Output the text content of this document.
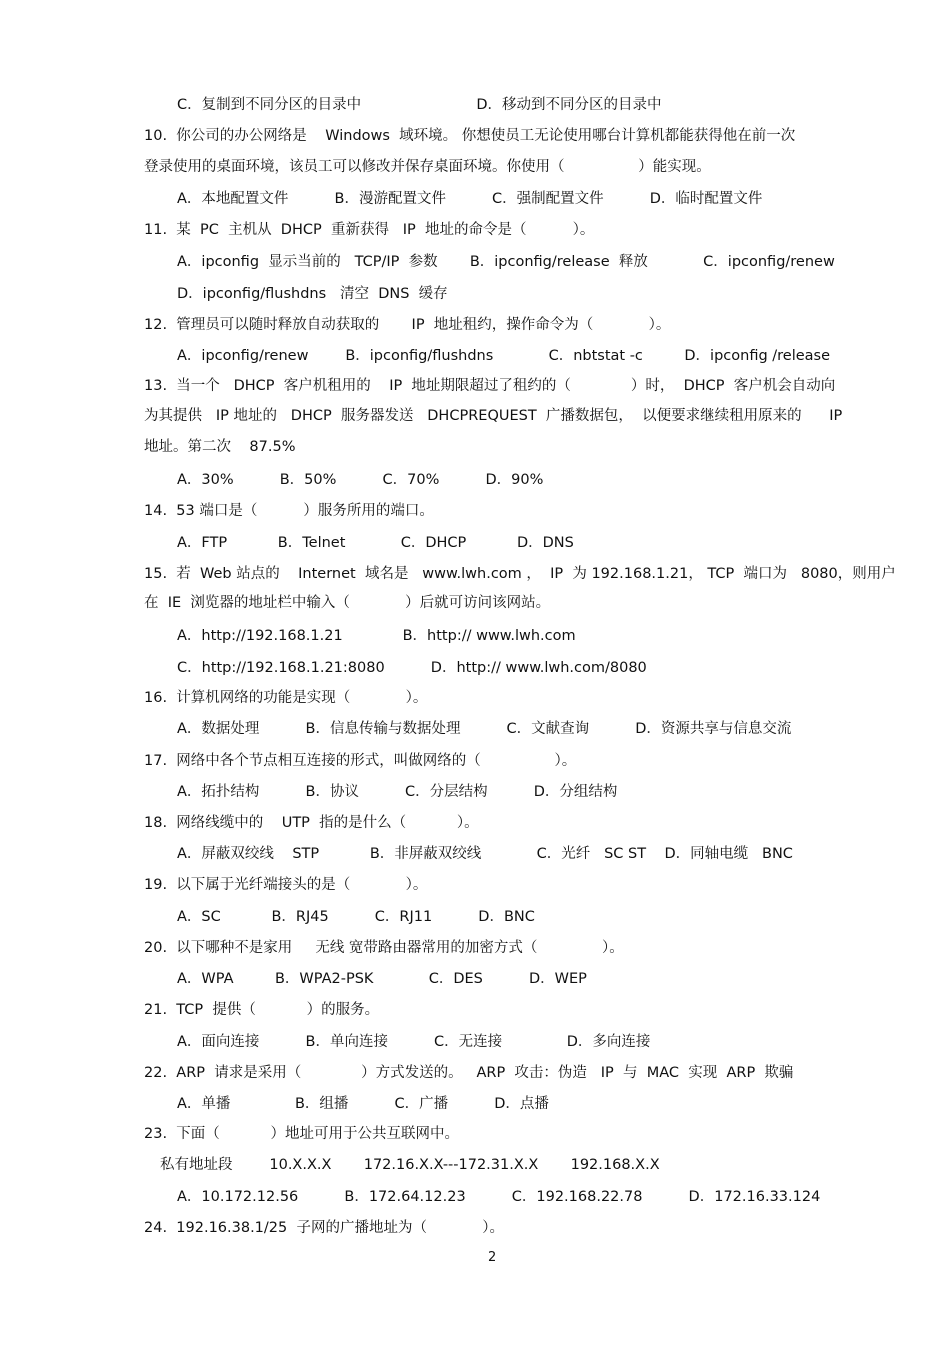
C．复制到不同分区的目录中                         D．移动到不同分区的目录中
10.  你公司的办公网络是    Windows  域环境。 你想使员工无论使用哪台计算机都能获得他在前一次
登录使用的桌面环境，该员工可以修改并保存桌面环境。你使用（                ）能实现。
A．本地配置文件          B．漫游配置文件          C．强制配置文件          D．临时配置文件
11.  某  PC  主机从  DHCP  重新获得   IP  地址的命令是（          ）。
A．ipconfig  显示当前的   TCP/IP  参数       B．ipconfig/release  释放            C．ipconfig/renew
D．ipconfig/flushdns   清空  DNS  缓存
12.  管理员可以随时释放自动获取的       IP  地址租约，操作命令为（            ）。
A．ipconfig/renew        B．ipconfig/flushdns            C．nbtstat -c         D．ipconfig /release
13.  当一个   DHCP  客户机租用的    IP  地址期限超过了租约的（             ）时，  DHCP  客户机会自动向
为其提供   IP 地址的   DHCP  服务器发送   DHCPREQUEST  广播数据包，  以便要求继续租用原来的      IP
地址。第二次    87.5%
A．30%          B．50%          C．70%          D．90%
14.  53 端口是（          ）服务所用的端口。
A．FTP           B．Telnet            C．DHCP           D．DNS
15.  若  Web 站点的    Internet  域名是   www.lwh.com ，  IP  为 192.168.1.21， TCP  端口为   8080，则用户
在  IE  浏览器的地址栏中输入（            ）后就可访问该网站。
A．http://192.168.1.21             B．http:// www.lwh.com
C．http://192.168.1.21:8080          D．http:// www.lwh.com/8080
16.  计算机网络的功能是实现（            ）。
A．数据处理          B．信息传输与数据处理          C．文献查询          D．资源共享与信息交流
17.  网络中各个节点相互连接的形式，叫做网络的（                ）。
A．拓扑结构          B．协议          C．分层结构          D．分组结构
18.  网络线缆中的    UTP  指的是什么（           ）。
A．屏蔽双绞线    STP           B．非屏蔽双绞线            C．光纤   SC ST    D．同轴电缆   BNC
19.  以下属于光纤端接头的是（            ）。
A．SC           B．RJ45          C．RJ11          D．BNC
20.  以下哪种不是家用     无线 宽带路由器常用的加密方式（              ）。
A．WPA         B．WPA2-PSK            C．DES          D．WEP
21.  TCP  提供（           ）的服务。
A．面向连接          B．单向连接          C．无连接              D．多向连接
22.  ARP  请求是采用（             ）方式发送的。   ARP  攻击：伪造   IP  与  MAC  实现  ARP  欺骗
A．单播              B．组播          C．广播          D．点播
23.  下面（           ）地址可用于公共互联网中。
私有地址段        10.X.X.X       172.16.X.X---172.31.X.X       192.168.X.X
A．10.172.12.56          B．172.64.12.23          C．192.168.22.78          D．172.16.33.124
24.  192.16.38.1/25  子网的广播地址为（            ）。
2
